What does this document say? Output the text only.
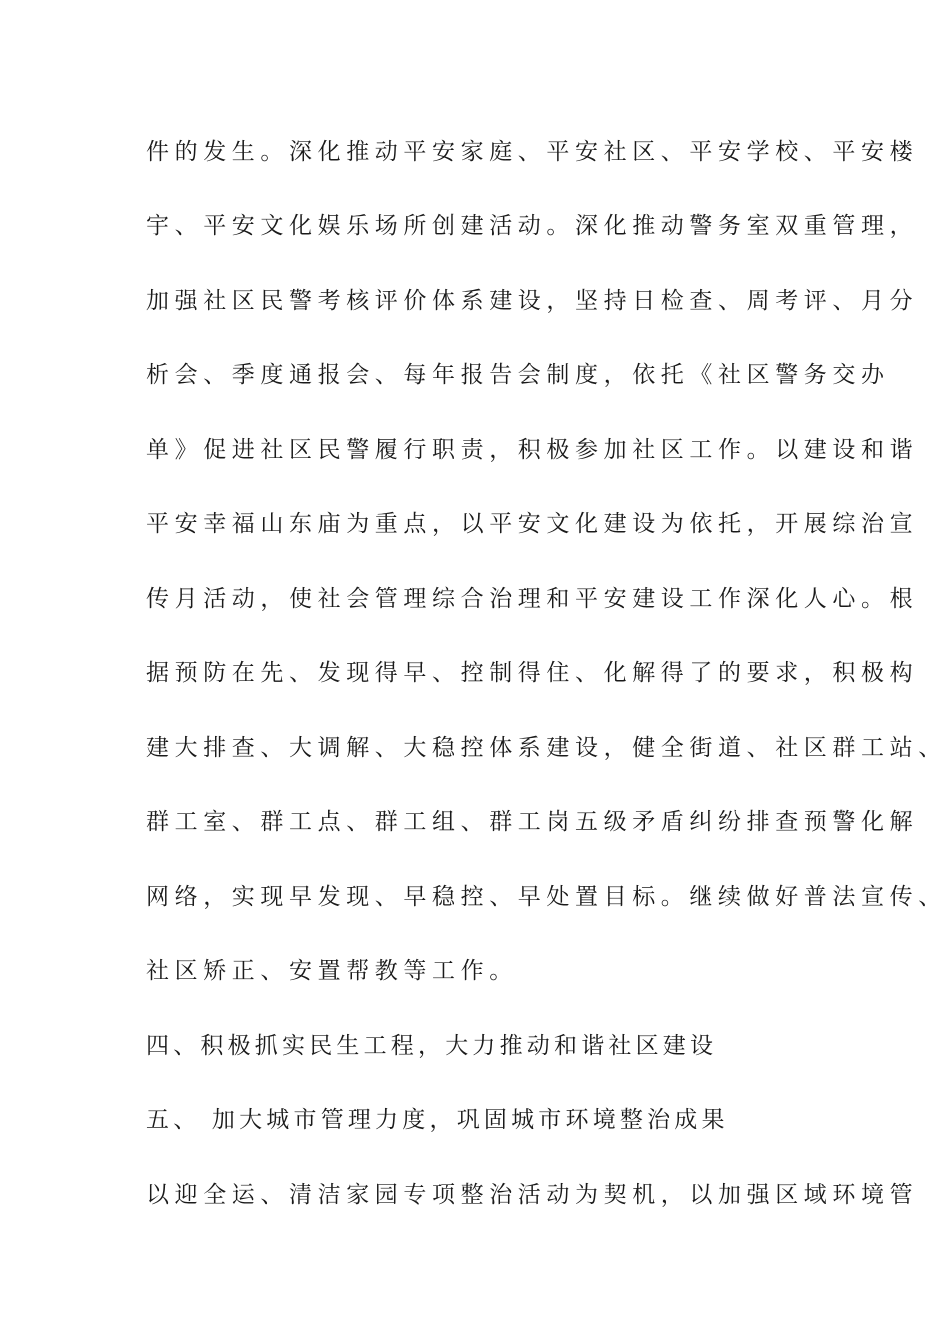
件的发生。深化推动平安家庭、平安社区、平安学校、平安楼
宇、平安文化娱乐场所创建活动。深化推动警务室双重管理，
加强社区民警考核评价体系建设，坚持日检查、周考评、月分
析会、季度通报会、每年报告会制度，依托《社区警务交办
单》促进社区民警履行职责，积极参加社区工作。以建设和谐
平安幸福山东庙为重点，以平安文化建设为依托，开展综治宣
传月活动，使社会管理综合治理和平安建设工作深化人心。根
据预防在先、发现得早、控制得住、化解得了的要求，积极构
建大排查、大调解、大稳控体系建设，健全街道、社区群工站、
群工室、群工点、群工组、群工岗五级矛盾纠纷排查预警化解
网络，实现早发现、早稳控、早处置目标。继续做好普法宣传、
社区矫正、安置帮教等工作。
四、积极抓实民生工程，大力推动和谐社区建设
五、 加大城市管理力度，巩固城市环境整治成果
以迎全运、清洁家园专项整治活动为契机，以加强区域环境管
